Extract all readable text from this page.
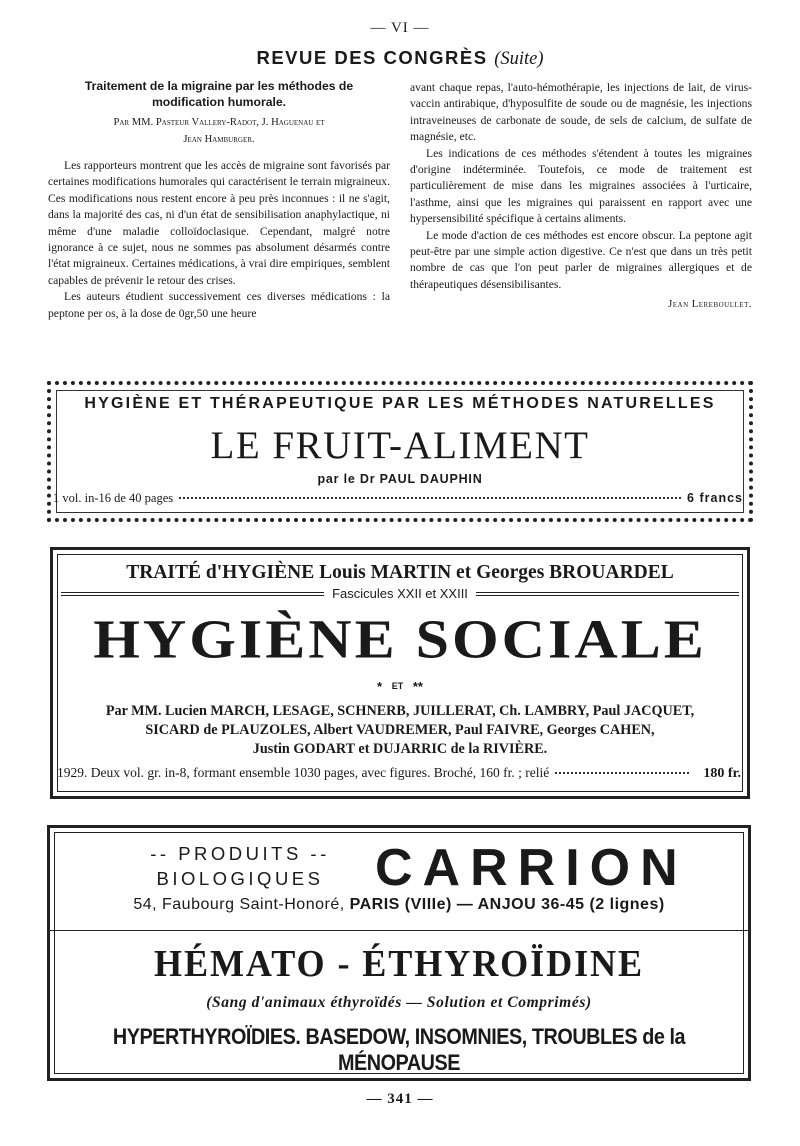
— VI —
REVUE DES CONGRÈS (Suite)

Traitement de la migraine par les méthodes de modification humorale.

Par MM. Pasteur Vallery-Radot, J. Haguenau et
Jean Hamburger.

Les rapporteurs montrent que les accès de migraine sont favorisés par certaines modifications humorales qui caractérisent le terrain migraineux. Ces modifications nous restent encore à peu près inconnues : il ne s'agit, dans la majorité des cas, ni d'un état de sensibilisation anaphylactique, ni même d'une maladie colloïdoclasique. Cependant, malgré notre ignorance à ce sujet, nous ne sommes pas absolument désarmés contre l'état migraineux. Certaines médications, à vrai dire empiriques, semblent capables de prévenir le retour des crises.

Les auteurs étudient successivement ces diverses médications : la peptone per os, à la dose de 0gr,50 une heure

avant chaque repas, l'auto-hémothérapie, les injections de lait, de virus-vaccin antirabique, d'hyposulfite de soude ou de magnésie, les injections intraveineuses de carbonate de soude, de sels de calcium, de sulfate de magnésie, etc.

Les indications de ces méthodes s'étendent à toutes les migraines d'origine indéterminée. Toutefois, ce mode de traitement est particulièrement de mise dans les migraines associées à l'urticaire, l'asthme, ainsi que les migraines qui paraissent en rapport avec une hypersensibilité spécifique à certains aliments.

Le mode d'action de ces méthodes est encore obscur. La peptone agit peut-être par une simple action digestive. Ce n'est que dans un très petit nombre de cas que l'on peut parler de migraines allergiques et de thérapeutiques désensibilisantes.

Jean Lereboullet.

HYGIÈNE ET THÉRAPEUTIQUE PAR LES MÉTHODES NATURELLES
LE FRUIT-ALIMENT
par le Dr PAUL DAUPHIN
1 vol. in-16 de 40 pages	6 francs
TRAITÉ d'HYGIÈNE Louis MARTIN et Georges BROUARDEL
Fascicules XXII et XXIII
HYGIÈNE SOCIALE
* ET **
Par MM. Lucien MARCH, LESAGE, SCHNERB, JUILLERAT, Ch. LAMBRY, Paul JACQUET,
SICARD de PLAUZOLES, Albert VAUDREMER, Paul FAIVRE, Georges CAHEN,
Justin GODART et DUJARRIC de la RIVIÈRE.
1929. Deux vol. gr. in-8, formant ensemble 1030 pages, avec figures. Broché, 160 fr. ; relié	180 fr.
-- PRODUITS --
BIOLOGIQUES CARRION
54, Faubourg Saint-Honoré, PARIS (VIIIe) — ANJOU 36-45 (2 lignes)
HÉMATO - ÉTHYROÏDINE
(Sang d'animaux éthyroïdés — Solution et Comprimés)
HYPERTHYROÏDIES. BASEDOW, INSOMNIES, TROUBLES de la MÉNOPAUSE
— 341 —
